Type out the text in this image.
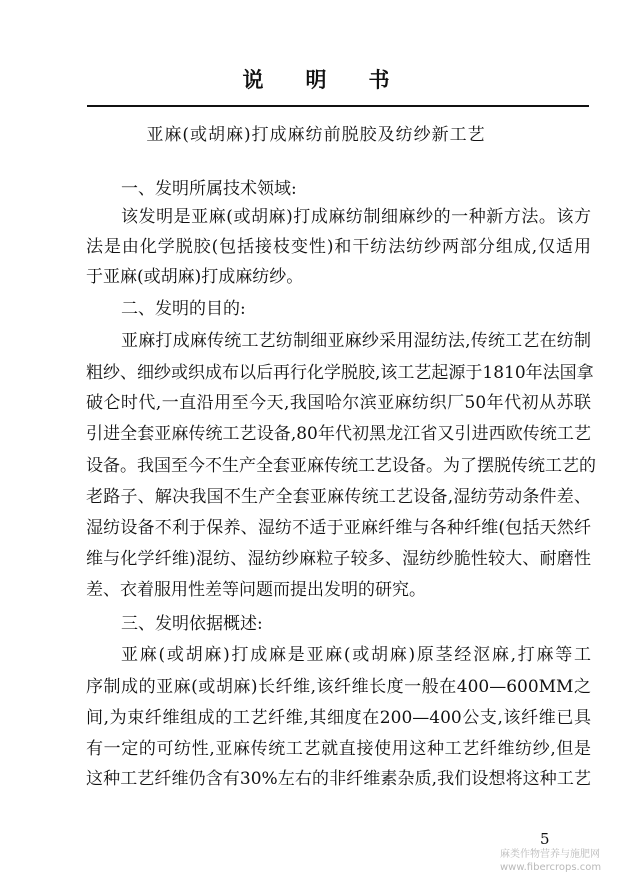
说明书
亚麻(或胡麻)打成麻纺前脱胶及纺纱新工艺
一、发明所属技术领域:
该发明是亚麻(或胡麻)打成麻纺制细麻纱的一种新方法。该方
法是由化学脱胶(包括接枝变性)和干纺法纺纱两部分组成,仅适用
于亚麻(或胡麻)打成麻纺纱。
二、发明的目的:
亚麻打成麻传统工艺纺制细亚麻纱采用湿纺法,传统工艺在纺制
粗纱、细纱或织成布以后再行化学脱胶,该工艺起源于1810年法国拿
破仑时代,一直沿用至今天,我国哈尔滨亚麻纺织厂50年代初从苏联
引进全套亚麻传统工艺设备,80年代初黑龙江省又引进西欧传统工艺
设备。我国至今不生产全套亚麻传统工艺设备。为了摆脱传统工艺的
老路子、解决我国不生产全套亚麻传统工艺设备,湿纺劳动条件差、
湿纺设备不利于保养、湿纺不适于亚麻纤维与各种纤维(包括天然纤
维与化学纤维)混纺、湿纺纱麻粒子较多、湿纺纱脆性较大、耐磨性
差、衣着服用性差等问题而提出发明的研究。
三、发明依据概述:
亚麻(或胡麻)打成麻是亚麻(或胡麻)原茎经沤麻,打麻等工
序制成的亚麻(或胡麻)长纤维,该纤维长度一般在400—600MM之
间,为束纤维组成的工艺纤维,其细度在200—400公支,该纤维已具
有一定的可纺性,亚麻传统工艺就直接使用这种工艺纤维纺纱,但是
这种工艺纤维仍含有30%左右的非纤维素杂质,我们设想将这种工艺
5
麻类作物营养与施肥网
www.fibercrops.com
